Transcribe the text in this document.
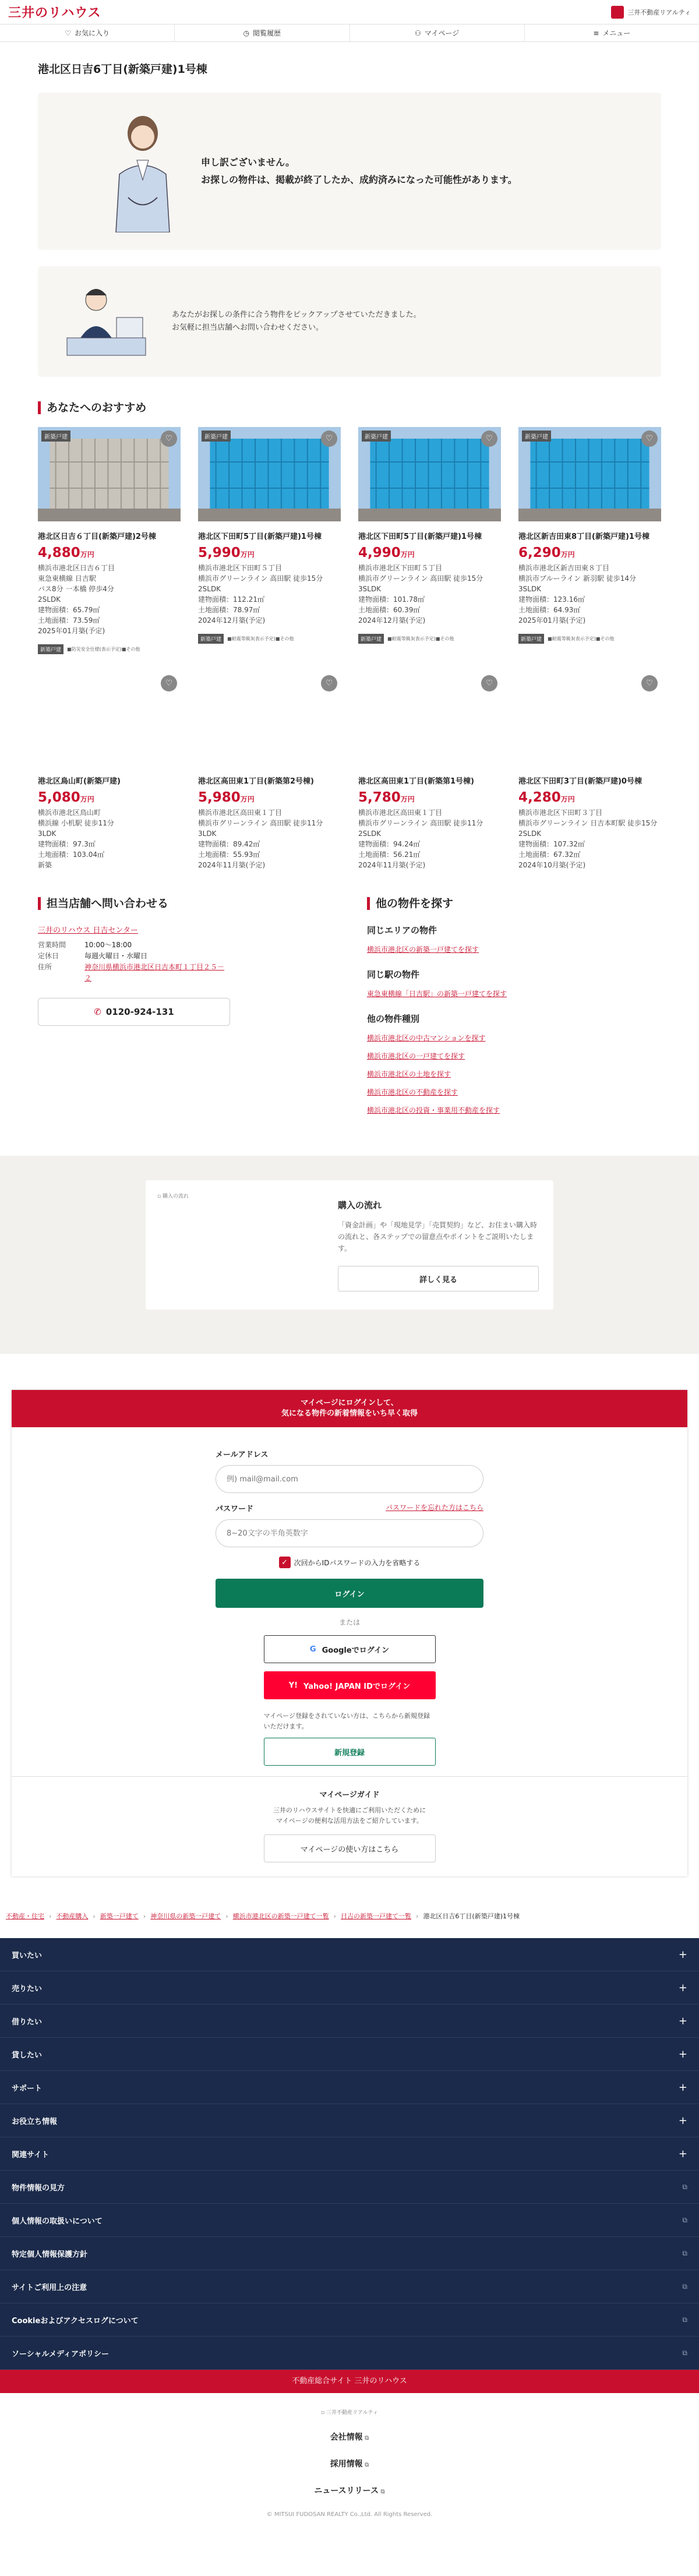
三井のリハウス	三井不動産リアルティ
♡ お気に入り	◷ 閲覧履歴	⚇ マイページ	≡ メニュー
港北区日吉6丁目(新築戸建)1号棟
申し訳ございません。
お探しの物件は、掲載が終了したか、成約済みになった可能性があります。
あなたがお探しの条件に合う物件をピックアップさせていただきました。
お気軽に担当店舗へお問い合わせください。
あなたへのおすすめ
新築戸建	♡
港北区日吉６丁目(新築戸建)2号棟
4,880万円
横浜市港北区日吉６丁目
東急東横線 日吉駅
バス8分 一本橋 停歩4分
2SLDK
建物面積：65.79㎡
土地面積：73.59㎡
2025年01月築(予定)
新築戸建	■防災安全仕様(表示予定)■その他
新築戸建	♡
港北区下田町5丁目(新築戸建)1号棟
5,990万円
横浜市港北区下田町５丁目
横浜市グリーンライン 高田駅 徒歩15分
2SLDK
建物面積：112.21㎡
土地面積：78.97㎡
2024年12月築(予定)
新築戸建	■耐震等級3(表示予定)■その他
新築戸建	♡
港北区下田町5丁目(新築戸建)1号棟
4,990万円
横浜市港北区下田町５丁目
横浜市グリーンライン 高田駅 徒歩15分
3SLDK
建物面積：101.78㎡
土地面積：60.39㎡
2024年12月築(予定)
新築戸建	■耐震等級3(表示予定)■その他
新築戸建	♡
港北区新吉田東8丁目(新築戸建)1号棟
6,290万円
横浜市港北区新吉田東８丁目
横浜市ブルーライン 新羽駅 徒歩14分
3SLDK
建物面積：123.16㎡
土地面積：64.93㎡
2025年01月築(予定)
新築戸建	■耐震等級3(表示予定)■その他
♡
港北区鳥山町(新築戸建)
5,080万円
横浜市港北区鳥山町
横浜線 小机駅 徒歩11分
3LDK
建物面積：97.3㎡
土地面積：103.04㎡
新築
♡
港北区高田東1丁目(新築第2号棟)
5,980万円
横浜市港北区高田東１丁目
横浜市グリーンライン 高田駅 徒歩11分
3LDK
建物面積：89.42㎡
土地面積：55.93㎡
2024年11月築(予定)
♡
港北区高田東1丁目(新築第1号棟)
5,780万円
横浜市港北区高田東１丁目
横浜市グリーンライン 高田駅 徒歩11分
2SLDK
建物面積：94.24㎡
土地面積：56.21㎡
2024年11月築(予定)
♡
港北区下田町3丁目(新築戸建)0号棟
4,280万円
横浜市港北区下田町３丁目
横浜市グリーンライン 日吉本町駅 徒歩15分
2SLDK
建物面積：107.32㎡
土地面積：67.32㎡
2024年10月築(予定)
担当店舗へ問い合わせる
三井のリハウス 日吉センター
営業時間	10:00〜18:00
定休日	毎週火曜日・水曜日
住所	神奈川県横浜市港北区日吉本町１丁目２５－２
✆ 0120-924-131
他の物件を探す
同じエリアの物件
横浜市港北区の新築一戸建てを探す
同じ駅の物件
東急東横線「日吉駅」の新築一戸建てを探す
他の物件種別
横浜市港北区の中古マンションを探す
横浜市港北区の一戸建てを探す
横浜市港北区の土地を探す
横浜市港北区の不動産を探す
横浜市港北区の投資・事業用不動産を探す
▫ 購入の流れ
購入の流れ

「資金計画」や「現地見学」「売買契約」など、お住まい購入時の流れと、各ステップでの留意点やポイントをご説明いたします。

詳しく見る
マイページにログインして、
気になる物件の新着情報をいち早く取得
メールアドレス
例) mail@mail.com
パスワード	パスワードを忘れた方はこちら
✓ 次回からIDパスワードの入力を省略する
ログイン
または
G Googleでログイン
Y! Yahoo! JAPAN IDでログイン
マイページ登録をされていない方は、こちらから新規登録いただけます。
新規登録
マイページガイド

三井のリハウスサイトを快適にご利用いただくために
マイページの便利な活用方法をご紹介しています。

マイページの使い方はこちら
不動産・住宅 › 不動産購入 › 新築一戸建て › 神奈川県の新築一戸建て › 横浜市港北区の新築一戸建て一覧 › 日吉の新築一戸建て一覧 › 港北区日吉6丁目(新築戸建)1号棟
買いたい	+
売りたい	+
借りたい	+
貸したい	+
サポート	+
お役立ち情報	+
関連サイト	+
物件情報の見方	⧉
個人情報の取扱いについて	⧉
特定個人情報保護方針	⧉
サイトご利用上の注意	⧉
Cookieおよびアクセスログについて	⧉
ソーシャルメディアポリシー	⧉
不動産総合サイト 三井のリハウス
▫ 三井不動産リアルティ
会社情報 ⧉
採用情報 ⧉
ニュースリリース ⧉
© MITSUI FUDOSAN REALTY Co.,Ltd. All Rights Reserved.
